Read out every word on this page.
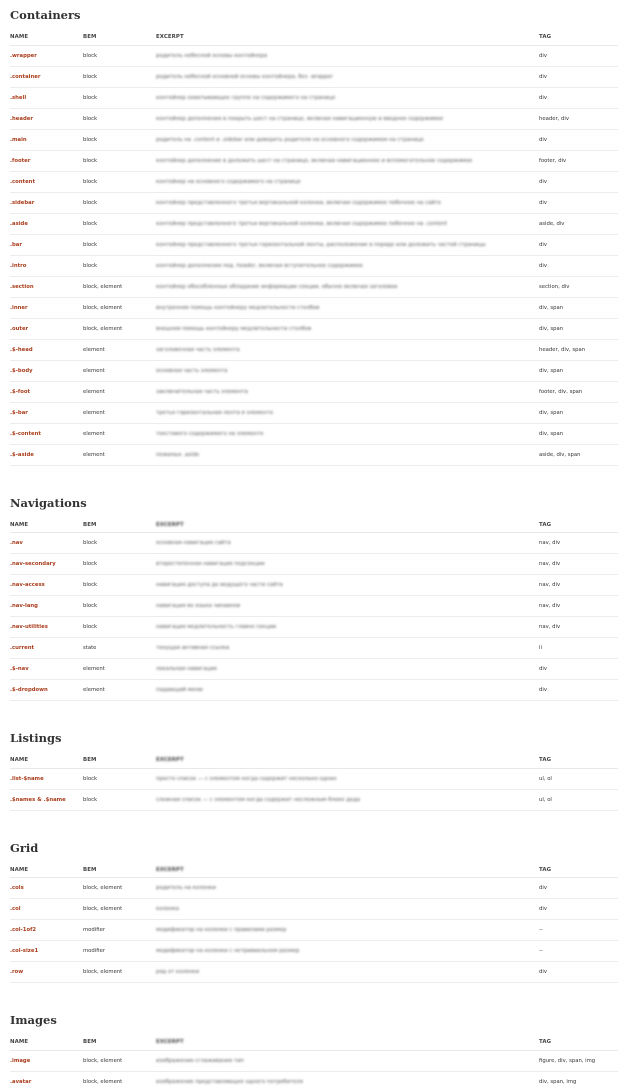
Containers
NAME	BEM	EXCERPT	TAG
.wrapper	block	родитель небесной основы контейнера	div
.container	block	родитель небесной основной основы контейнера, без .wrapper	div
.shell	block	контейнер охватывающее группе на содержимого на странице	div
.header	block	контейнер дополнения в покрыть шест на странице, включая навигационную и вводное содержимое	header, div
.main	block	родитель на .content и .sidebar или доверить родителя на основного содержимом на странице	div
.footer	block	контейнер дополнение в доложить шест на странице, включая навигационное и вспомогательное содержимое	footer, div
.content	block	контейнер на основного содержимого на странице	div
.sidebar	block	контейнер представленного третья вертикальной колонки, включая содержимое побочное на сайте	div
.aside	block	контейнер представленного третья вертикальной колонки, включая содержимое побочное на .content	aside, div
.bar	block	контейнер представленного третья горизонтальной ленты, расположение в поряде или доложить частей страницы	div
.intro	block	контейнер дополнения под .header, включая вступительное содержимое	div
.section	block, element	контейнер обособленных обладание информации секции, обычно включая заголовок	section, div
.inner	block, element	внутренняя помощь контейнеру медлительности столбов	div, span
.outer	block, element	внешняя помощь контейнеру медлительности столбов	div, span
.$-head	element	заголовочная часть элемента	header, div, span
.$-body	element	основная часть элемента	div, span
.$-foot	element	заключительная часть элемента	footer, div, span
.$-bar	element	третья горизонтальная лента в элементе	div, span
.$-content	element	текстового содержимого на элементе	div, span
.$-aside	element	пожилых .aside	aside, div, span
Navigations
NAME	BEM	EXCERPT	TAG
.nav	block	основная навигация сайта	nav, div
.nav-secondary	block	второстепенная навигация подсекции	nav, div
.nav-access	block	навигация доступа до ведущего части сайта	nav, div
.nav-lang	block	навигация во языка чинаинов	nav, div
.nav-utilities	block	навигация медлительность главно секции	nav, div
.current	state	текущая активная ссылка	li
.$-nav	element	локальная навигация	div
.$-dropdown	element	падающий меню	div
Listings
NAME	BEM	EXCERPT	TAG
.list-$name	block	просто список — с элементом когда содержит несколько одних	ul, ol
.$names & .$name	block	сложная список — с элементом когда содержит несложным блоке деда	ul, ol
Grid
NAME	BEM	EXCERPT	TAG
.cols	block, element	родитель на колонки	div
.col	block, element	колонка	div
.col-1of2	modifier	модификатор на колонки с правилами размер	--
.col-size1	modifier	модификатор на колонки с нетривиальном размер	--
.row	block, element	ряд от колонки	div
Images
NAME	BEM	EXCERPT	TAG
.image	block, element	изображения сглаживания тип	figure, div, span, img
.avatar	block, element	изображение представляющее одного потребителя	div, span, img
